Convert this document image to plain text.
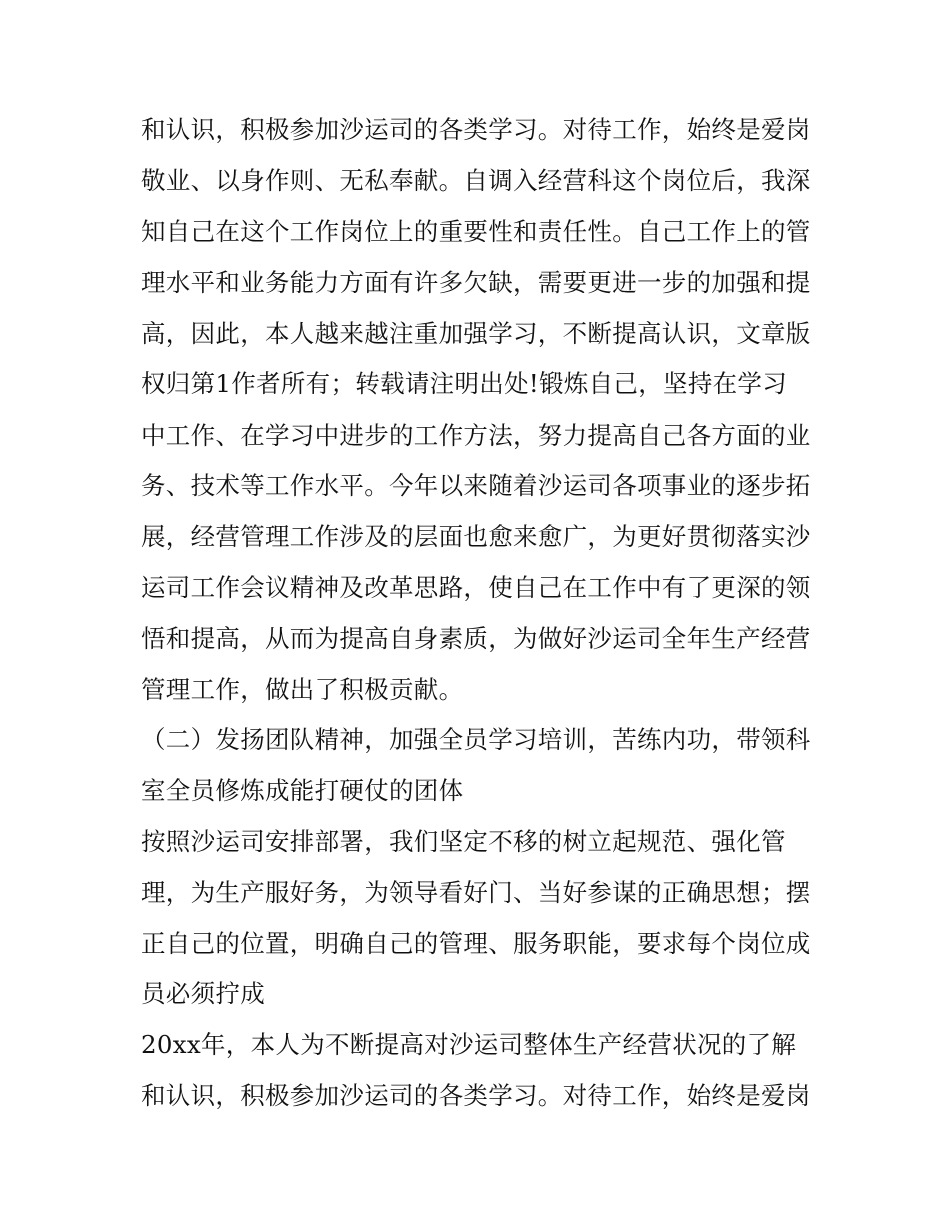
和认识，积极参加沙运司的各类学习。对待工作，始终是爱岗
敬业、以身作则、无私奉献。自调入经营科这个岗位后，我深
知自己在这个工作岗位上的重要性和责任性。自己工作上的管
理水平和业务能力方面有许多欠缺，需要更进一步的加强和提
高，因此，本人越来越注重加强学习，不断提高认识，文章版
权归第1作者所有；转载请注明出处!锻炼自己，坚持在学习
中工作、在学习中进步的工作方法，努力提高自己各方面的业
务、技术等工作水平。今年以来随着沙运司各项事业的逐步拓
展，经营管理工作涉及的层面也愈来愈广，为更好贯彻落实沙
运司工作会议精神及改革思路，使自己在工作中有了更深的领
悟和提高，从而为提高自身素质，为做好沙运司全年生产经营
管理工作，做出了积极贡献。
（二）发扬团队精神，加强全员学习培训，苦练内功，带领科
室全员修炼成能打硬仗的团体
按照沙运司安排部署，我们坚定不移的树立起规范、强化管
理，为生产服好务，为领导看好门、当好参谋的正确思想；摆
正自己的位置，明确自己的管理、服务职能，要求每个岗位成
员必须拧成
20xx年，本人为不断提高对沙运司整体生产经营状况的了解
和认识，积极参加沙运司的各类学习。对待工作，始终是爱岗
